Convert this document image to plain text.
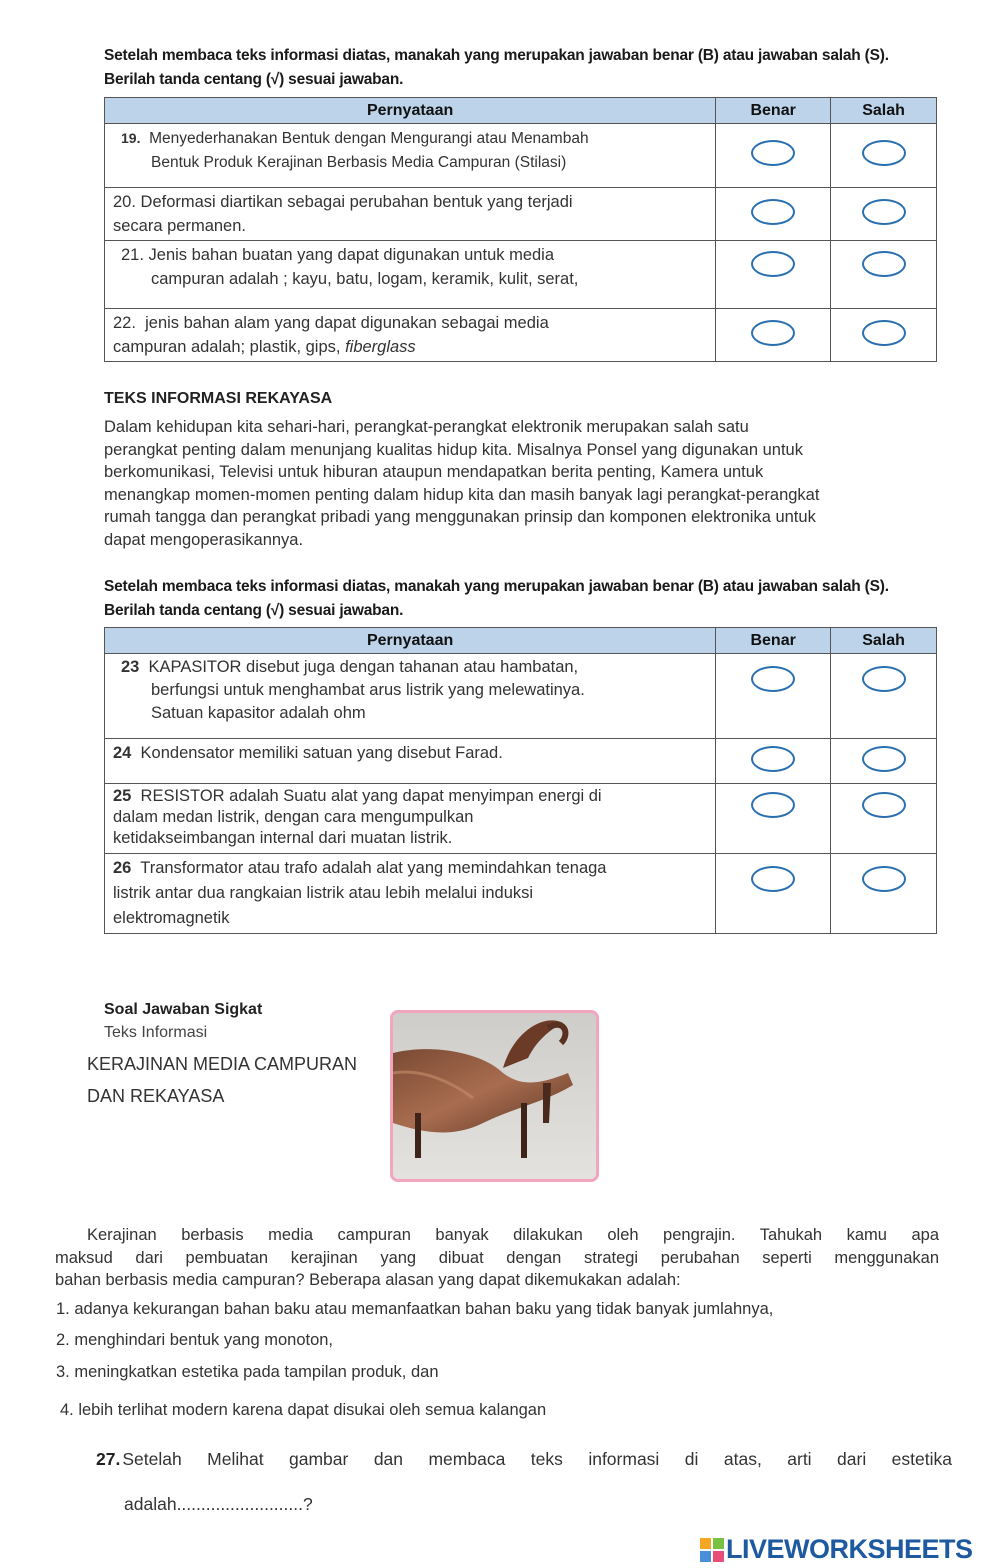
Setelah membaca teks informasi diatas, manakah yang merupakan jawaban benar (B) atau jawaban salah (S).
Berilah tanda centang (√) sesuai jawaban.
Pernyataan	Benar	Salah

19. Menyederhanakan Bentuk dengan Mengurangi atau Menambah
Bentuk Produk Kerajinan Berbasis Media Campuran (Stilasi)		

20. Deformasi diartikan sebagai perubahan bentuk yang terjadi
secara permanen.		

21. Jenis bahan buatan yang dapat digunakan untuk media
campuran adalah ; kayu, batu, logam, keramik, kulit, serat,		

22. jenis bahan alam yang dapat digunakan sebagai media
campuran adalah; plastik, gips, fiberglass		

TEKS INFORMASI REKAYASA
Dalam kehidupan kita sehari-hari, perangkat-perangkat elektronik merupakan salah satu
perangkat penting dalam menunjang kualitas hidup kita. Misalnya Ponsel yang digunakan untuk
berkomunikasi, Televisi untuk hiburan ataupun mendapatkan berita penting, Kamera untuk
menangkap momen-momen penting dalam hidup kita dan masih banyak lagi perangkat-perangkat
rumah tangga dan perangkat pribadi yang menggunakan prinsip dan komponen elektronika untuk
dapat mengoperasikannya.
Setelah membaca teks informasi diatas, manakah yang merupakan jawaban benar (B) atau jawaban salah (S).
Berilah tanda centang (√) sesuai jawaban.
Pernyataan	Benar	Salah

23 KAPASITOR disebut juga dengan tahanan atau hambatan,
berfungsi untuk menghambat arus listrik yang melewatinya.
Satuan kapasitor adalah ohm		

24 Kondensator memiliki satuan yang disebut Farad.		

25 RESISTOR adalah Suatu alat yang dapat menyimpan energi di
dalam medan listrik, dengan cara mengumpulkan
ketidakseimbangan internal dari muatan listrik.		

26 Transformator atau trafo adalah alat yang memindahkan tenaga
listrik antar dua rangkaian listrik atau lebih melalui induksi
elektromagnetik		

Soal Jawaban Sigkat
Teks Informasi
KERAJINAN MEDIA CAMPURAN
DAN REKAYASA
Kerajinan berbasis media campuran banyak dilakukan oleh pengrajin. Tahukah kamu apa
maksud dari pembuatan kerajinan yang dibuat dengan strategi perubahan seperti menggunakan
bahan berbasis media campuran? Beberapa alasan yang dapat dikemukakan adalah:
1. adanya kekurangan bahan baku atau memanfaatkan bahan baku yang tidak banyak jumlahnya,
2. menghindari bentuk yang monoton,
3. meningkatkan estetika pada tampilan produk, dan
4. lebih terlihat modern karena dapat disukai oleh semua kalangan
27. Setelah Melihat gambar dan membaca teks informasi di atas, arti dari estetika
adalah..........................?
LIVEWORKSHEETS
